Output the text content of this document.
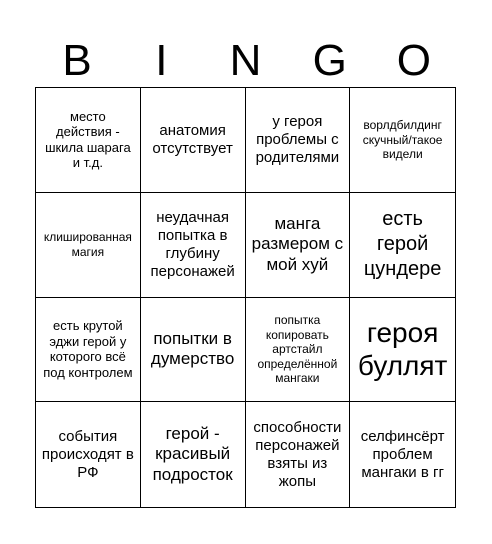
B	I	N	G	O
место действия - шкила шарага и т.д.
анатомия отсутствует
у героя проблемы с родителями
ворлдбилдинг скучный/такое видели
клишированная магия
неудачная попытка в глубину персонажей
манга размером с мой хуй
есть герой цундере
есть крутой эджи герой у которого всё под контролем
попытки в думерство
попытка копировать артстайл определённой мангаки
героя буллят
события происходят в РФ
герой - красивый подросток
способности персонажей взяты из жопы
селфинсёрт проблем мангаки в гг
